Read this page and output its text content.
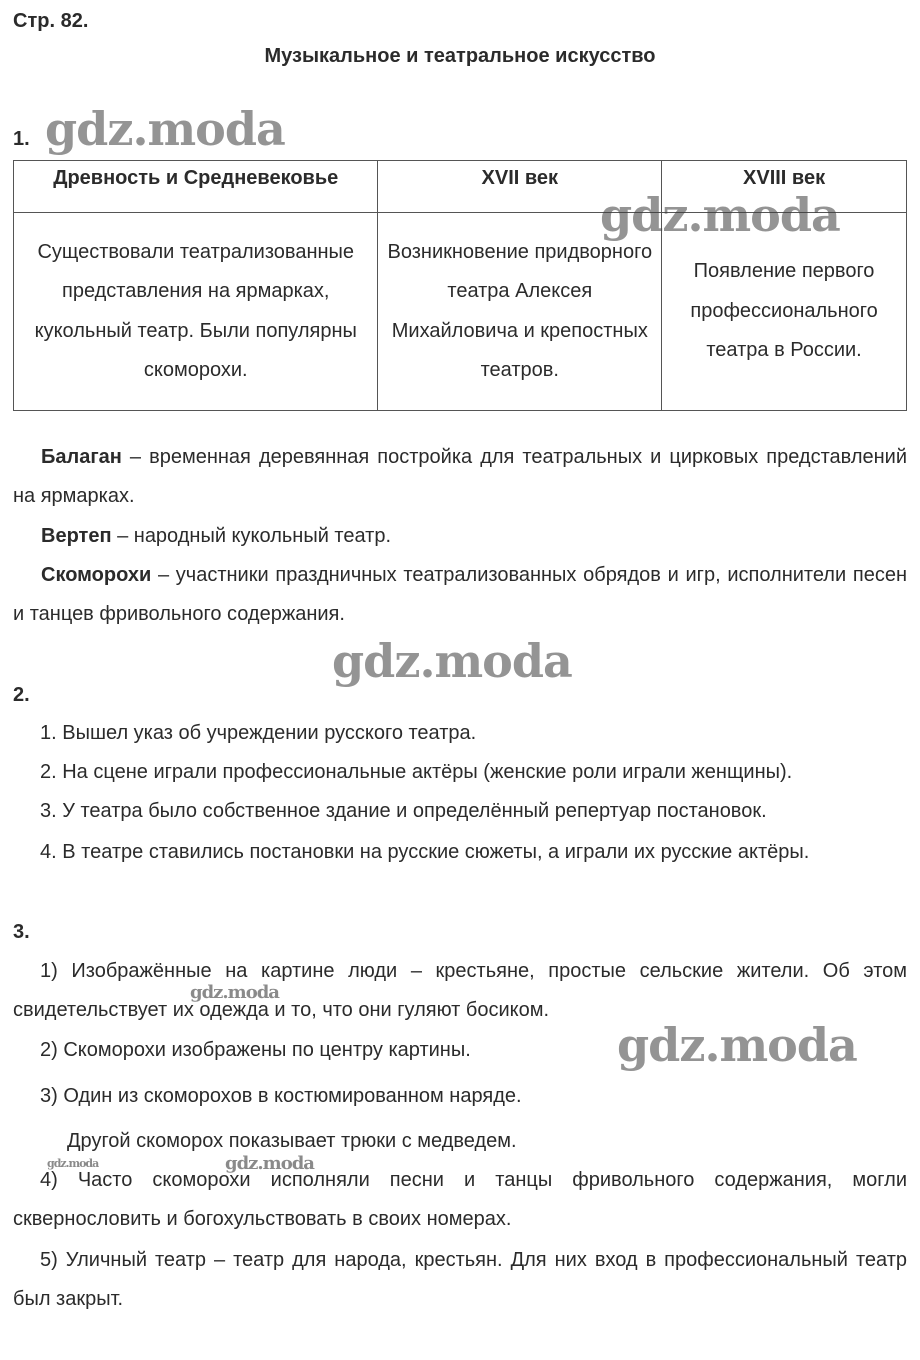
Стр. 82.
Музыкальное и театральное искусство
1.
Древность и Средневековье	XVII век	XVIII век
Существовали театрализованные представления на ярмарках, кукольный театр. Были популярны скоморохи.	Возникновение придворного театра Алексея Михайловича и крепостных театров.	Появление первого профессионального театра в России.
Балаган – временная деревянная постройка для театральных и цирковых представлений на ярмарках.
Вертеп – народный кукольный театр.
Скоморохи – участники праздничных театрализованных обрядов и игр, исполнители песен и танцев фривольного содержания.
2.
1. Вышел указ об учреждении русского театра.
2. На сцене играли профессиональные актёры (женские роли играли женщины).
3. У театра было собственное здание и определённый репертуар постановок.
4. В театре ставились постановки на русские сюжеты, а играли их русские актёры.
3.
1) Изображённые на картине люди – крестьяне, простые сельские жители. Об этом свидетельствует их одежда и то, что они гуляют босиком.
2) Скоморохи изображены по центру картины.
3) Один из скоморохов в костюмированном наряде.
Другой скоморох показывает трюки с медведем.
4) Часто скоморохи исполняли песни и танцы фривольного содержания, могли сквернословить и богохульствовать в своих номерах.
5) Уличный театр – театр для народа, крестьян. Для них вход в профессиональный театр был закрыт.
gdz.moda
gdz.moda
gdz.moda
gdz.moda
gdz.moda
gdz.moda
gdz.moda
